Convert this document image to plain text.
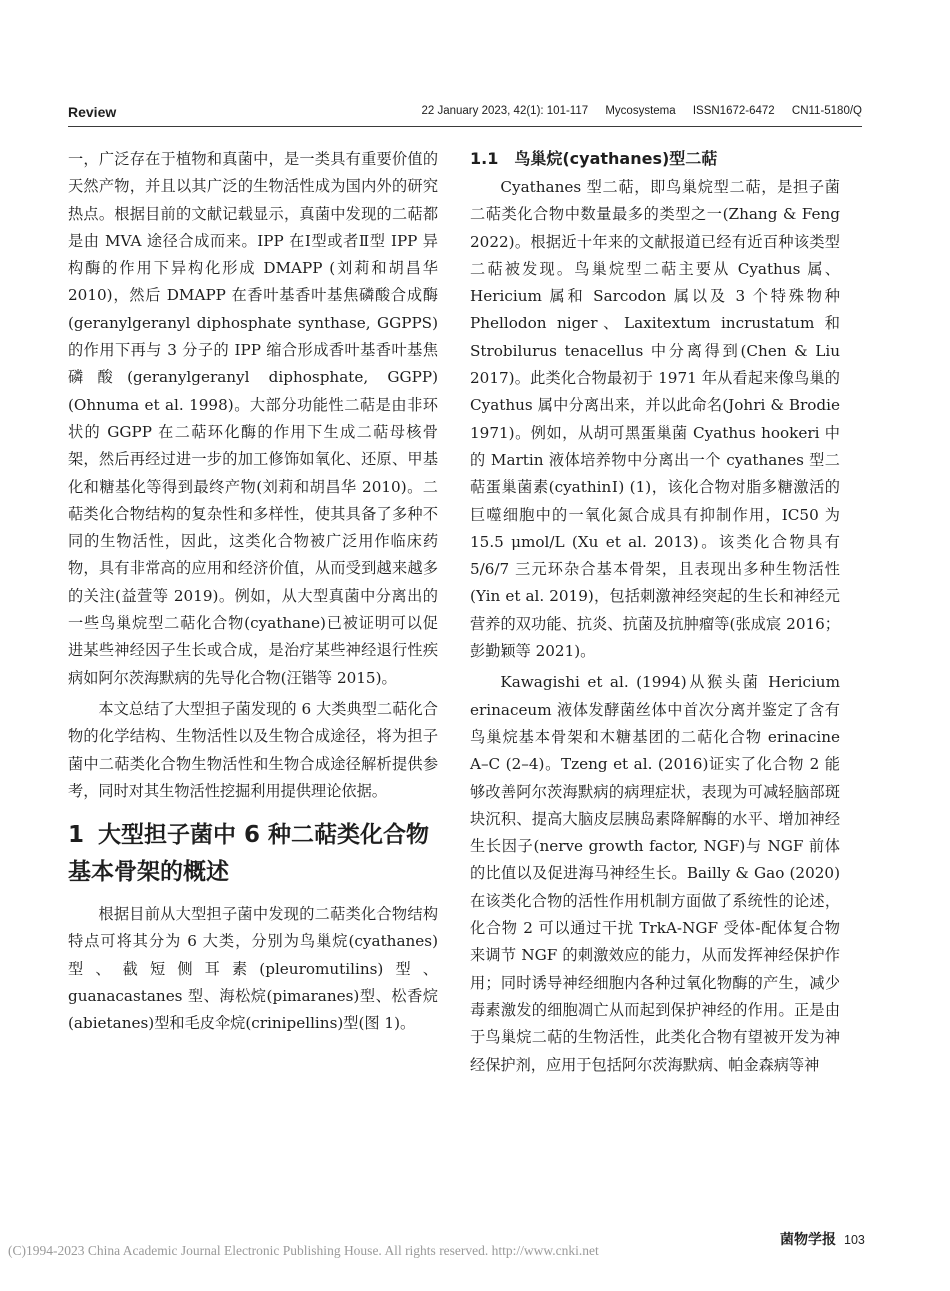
Review	22 January 2023, 42(1): 101-117 Mycosystema ISSN1672-6472 CN11-5180/Q

一，广泛存在于植物和真菌中，是一类具有重要价值的天然产物，并且以其广泛的生物活性成为国内外的研究热点。根据目前的文献记载显示，真菌中发现的二萜都是由 MVA 途径合成而来。IPP 在Ⅰ型或者Ⅱ型 IPP 异构酶的作用下异构化形成 DMAPP (刘莉和胡昌华 2010)，然后 DMAPP 在香叶基香叶基焦磷酸合成酶(geranylgeranyl diphosphate synthase, GGPPS)的作用下再与 3 分子的 IPP 缩合形成香叶基香叶基焦磷酸(geranylgeranyl diphosphate, GGPP) (Ohnuma et al. 1998)。大部分功能性二萜是由非环状的 GGPP 在二萜环化酶的作用下生成二萜母核骨架，然后再经过进一步的加工修饰如氧化、还原、甲基化和糖基化等得到最终产物(刘莉和胡昌华 2010)。二萜类化合物结构的复杂性和多样性，使其具备了多种不同的生物活性，因此，这类化合物被广泛用作临床药物，具有非常高的应用和经济价值，从而受到越来越多的关注(益萱等 2019)。例如，从大型真菌中分离出的一些鸟巢烷型二萜化合物(cyathane)已被证明可以促进某些神经因子生长或合成，是治疗某些神经退行性疾病如阿尔茨海默病的先导化合物(汪锴等 2015)。

本文总结了大型担子菌发现的 6 大类典型二萜化合物的化学结构、生物活性以及生物合成途径，将为担子菌中二萜类化合物生物活性和生物合成途径解析提供参考，同时对其生物活性挖掘利用提供理论依据。

1 大型担子菌中 6 种二萜类化合物基本骨架的概述

根据目前从大型担子菌中发现的二萜类化合物结构特点可将其分为 6 大类，分别为鸟巢烷(cyathanes)型、截短侧耳素(pleuromutilins)型、guanacastanes 型、海松烷(pimaranes)型、松香烷(abietanes)型和毛皮伞烷(crinipellins)型(图 1)。

1.1 鸟巢烷(cyathanes)型二萜

Cyathanes 型二萜，即鸟巢烷型二萜，是担子菌二萜类化合物中数量最多的类型之一(Zhang & Feng 2022)。根据近十年来的文献报道已经有近百种该类型二萜被发现。鸟巢烷型二萜主要从 Cyathus 属、Hericium 属和 Sarcodon 属以及 3 个特殊物种 Phellodon niger、Laxitextum incrustatum 和 Strobilurus tenacellus 中分离得到(Chen & Liu 2017)。此类化合物最初于 1971 年从看起来像鸟巢的 Cyathus 属中分离出来，并以此命名(Johri & Brodie 1971)。例如，从胡可黑蛋巢菌 Cyathus hookeri 中的 Martin 液体培养物中分离出一个 cyathanes 型二萜蛋巢菌素(cyathinⅠ) (1)，该化合物对脂多糖激活的巨噬细胞中的一氧化氮合成具有抑制作用，IC50 为 15.5 μmol/L (Xu et al. 2013)。该类化合物具有 5/6/7 三元环杂合基本骨架，且表现出多种生物活性(Yin et al. 2019)，包括刺激神经突起的生长和神经元营养的双功能、抗炎、抗菌及抗肿瘤等(张成宸 2016；彭勤颖等 2021)。

Kawagishi et al. (1994)从猴头菌 Hericium erinaceum 液体发酵菌丝体中首次分离并鉴定了含有鸟巢烷基本骨架和木糖基团的二萜化合物 erinacine A–C (2–4)。Tzeng et al. (2016)证实了化合物 2 能够改善阿尔茨海默病的病理症状，表现为可减轻脑部斑块沉积、提高大脑皮层胰岛素降解酶的水平、增加神经生长因子(nerve growth factor, NGF)与 NGF 前体的比值以及促进海马神经生长。Bailly & Gao (2020)在该类化合物的活性作用机制方面做了系统性的论述，化合物 2 可以通过干扰 TrkA-NGF 受体-配体复合物来调节 NGF 的刺激效应的能力，从而发挥神经保护作用；同时诱导神经细胞内各种过氧化物酶的产生，减少毒素激发的细胞凋亡从而起到保护神经的作用。正是由于鸟巢烷二萜的生物活性，此类化合物有望被开发为神经保护剂，应用于包括阿尔茨海默病、帕金森病等神

菌物学报 103
(C)1994-2023 China Academic Journal Electronic Publishing House. All rights reserved. http://www.cnki.net
